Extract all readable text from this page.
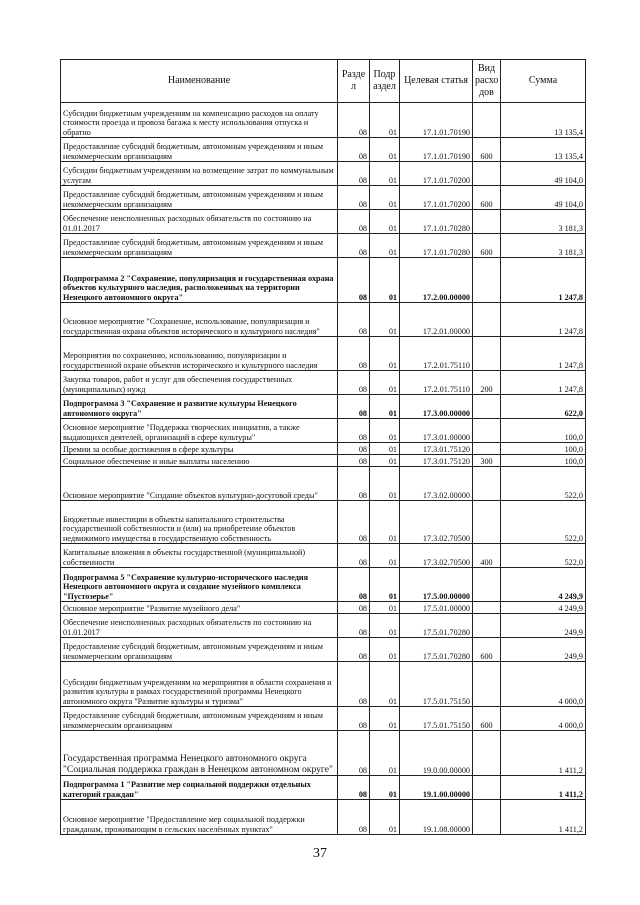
Наименование	Разде л	Подр аздел	Целевая статья	Вид расхо дов	Сумма
Субсидии бюджетным учреждениям на компенсацию расходов на оплату стоимости проезда и провоза багажа к месту использования отпуска и обратно	08	01	17.1.01.70190		13 135,4
Предоставление субсидий бюджетным, автономным учреждениям и иным некоммерческим организациям	08	01	17.1.01.70190	600	13 135,4
Субсидии бюджетным учреждениям на возмещение затрат по коммунальным услугам	08	01	17.1.01.70200		49 104,0
Предоставление субсидий бюджетным, автономным учреждениям и иным некоммерческим организациям	08	01	17.1.01.70200	600	49 104,0
Обеспечение неисполненных расходных обязательств по состоянию на 01.01.2017	08	01	17.1.01.70280		3 181,3
Предоставление субсидий бюджетным, автономным учреждениям и иным некоммерческим организациям	08	01	17.1.01.70280	600	3 181,3
Подпрограмма 2 "Сохранение, популяризация и государственная охрана объектов культурного наследия, расположенных на территории Ненецкого автономного округа"	08	01	17.2.00.00000		1 247,8
Основное мероприятие "Сохранение, использование, популяризация и государственная охрана объектов исторического и культурного наследия"	08	01	17.2.01.00000		1 247,8
Мероприятия по сохранению, использованию, популяризации и государственной охране объектов исторического и культурного наследия	08	01	17.2.01.75110		1 247,8
Закупка товаров, работ и услуг для обеспечения государственных (муниципальных) нужд	08	01	17.2.01.75110	200	1 247,8
Подпрограмма 3 "Сохранение и развитие культуры Ненецкого автономного округа"	08	01	17.3.00.00000		622,0
Основное мероприятие "Поддержка творческих инициатив, а также выдающихся деятелей, организаций в сфере культуры"	08	01	17.3.01.00000		100,0
Премии за особые достижения в сфере культуры	08	01	17.3.01.75120		100,0
Социальное обеспечение и иные выплаты населению	08	01	17.3.01.75120	300	100,0
Основное мероприятие "Создание объектов культурно-досуговой среды"	08	01	17.3.02.00000		522,0
Бюджетные инвестиции в объекты капитального строительства государственной собственности и (или) на приобретение объектов недвижимого имущества в государственную собственность	08	01	17.3.02.70500		522,0
Капитальные вложения в объекты государственной (муниципальной) собственности	08	01	17.3.02.70500	400	522,0
Подпрограмма 5 "Сохранение культурно-исторического наследия Ненецкого автономного округа и создание музейного комплекса "Пустозерье"	08	01	17.5.00.00000		4 249,9
Основное мероприятие "Развитие музейного дела"	08	01	17.5.01.00000		4 249,9
Обеспечение неисполненных расходных обязательств по состоянию на 01.01.2017	08	01	17.5.01.70280		249,9
Предоставление субсидий бюджетным, автономным учреждениям и иным некоммерческим организациям	08	01	17.5.01.70280	600	249,9
Субсидии бюджетным учреждениям на мероприятия в области сохранения и развития культуры в рамках государственной программы Ненецкого автономного округа "Развитие культуры и туризма"	08	01	17.5.01.75150		4 000,0
Предоставление субсидий бюджетным, автономным учреждениям и иным некоммерческим организациям	08	01	17.5.01.75150	600	4 000,0
Государственная программа Ненецкого автономного округа "Социальная поддержка граждан в Ненецком автономном округе"	08	01	19.0.00.00000		1 411,2
Подпрограмма 1 "Развитие мер социальной поддержки отдельных категорий граждан"	08	01	19.1.00.00000		1 411,2
Основное мероприятие "Предоставление мер социальной поддержки гражданам, проживающим в сельских населённых пунктах"	08	01	19.1.08.00000		1 411,2
37
